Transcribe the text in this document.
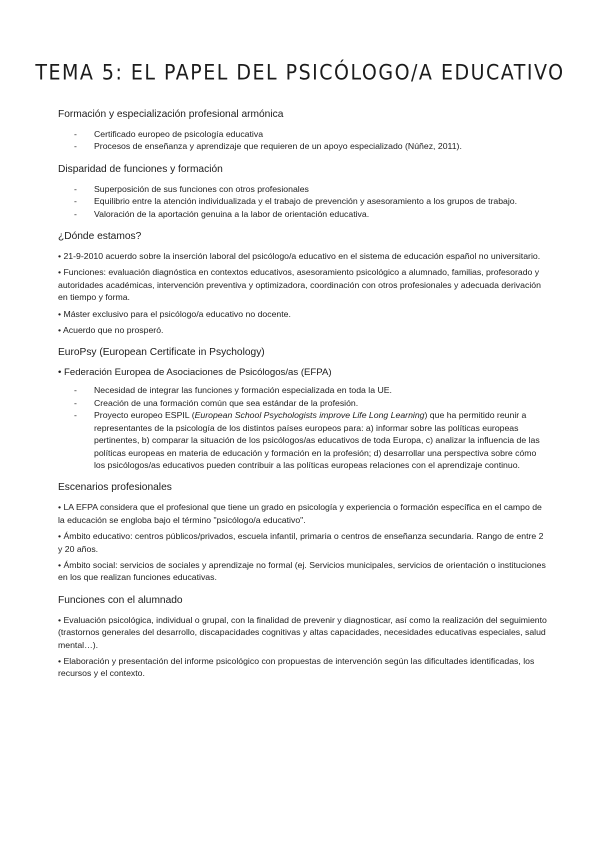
TEMA 5: EL PAPEL DEL PSICÓLOGO/A EDUCATIVO
Formación y especialización profesional armónica
- Certificado europeo de psicología educativa
- Procesos de enseñanza y aprendizaje que requieren de un apoyo especializado (Núñez, 2011).
Disparidad de funciones y formación
- Superposición de sus funciones con otros profesionales
- Equilibrio entre la atención individualizada y el trabajo de prevención y asesoramiento a los grupos de trabajo.
- Valoración de la aportación genuina a la labor de orientación educativa.
¿Dónde estamos?
• 21-9-2010 acuerdo sobre la inserción laboral del psicólogo/a educativo en el sistema de educación español no universitario.
• Funciones: evaluación diagnóstica en contextos educativos, asesoramiento psicológico a alumnado, familias, profesorado y autoridades académicas, intervención preventiva y optimizadora, coordinación con otros profesionales y adecuada derivación en tiempo y forma.
• Máster exclusivo para el psicólogo/a educativo no docente.
• Acuerdo que no prosperó.
EuroPsy (European Certificate in Psychology)
• Federación Europea de Asociaciones de Psicólogos/as (EFPA)
- Necesidad de integrar las funciones y formación especializada en toda la UE.
- Creación de una formación común que sea estándar de la profesión.
- Proyecto europeo ESPIL (European School Psychologists improve Life Long Learning) que ha permitido reunir a representantes de la psicología de los distintos países europeos para: a) informar sobre las políticas europeas pertinentes, b) comparar la situación de los psicólogos/as educativos de toda Europa, c) analizar la influencia de las políticas europeas en materia de educación y formación en la profesión; d) desarrollar una perspectiva sobre cómo los psicólogos/as educativos pueden contribuir a las políticas europeas relaciones con el aprendizaje continuo.
Escenarios profesionales
• LA EFPA considera que el profesional que tiene un grado en psicología y experiencia o formación específica en el campo de la educación se engloba bajo el término "psicólogo/a educativo".
• Ámbito educativo: centros públicos/privados, escuela infantil, primaria o centros de enseñanza secundaria. Rango de entre 2 y 20 años.
• Ámbito social: servicios de sociales y aprendizaje no formal (ej. Servicios municipales, servicios de orientación o instituciones en los que realizan funciones educativas.
Funciones con el alumnado
• Evaluación psicológica, individual o grupal, con la finalidad de prevenir y diagnosticar, así como la realización del seguimiento (trastornos generales del desarrollo, discapacidades cognitivas y altas capacidades, necesidades educativas especiales, salud mental…).
• Elaboración y presentación del informe psicológico con propuestas de intervención según las dificultades identificadas, los recursos y el contexto.
